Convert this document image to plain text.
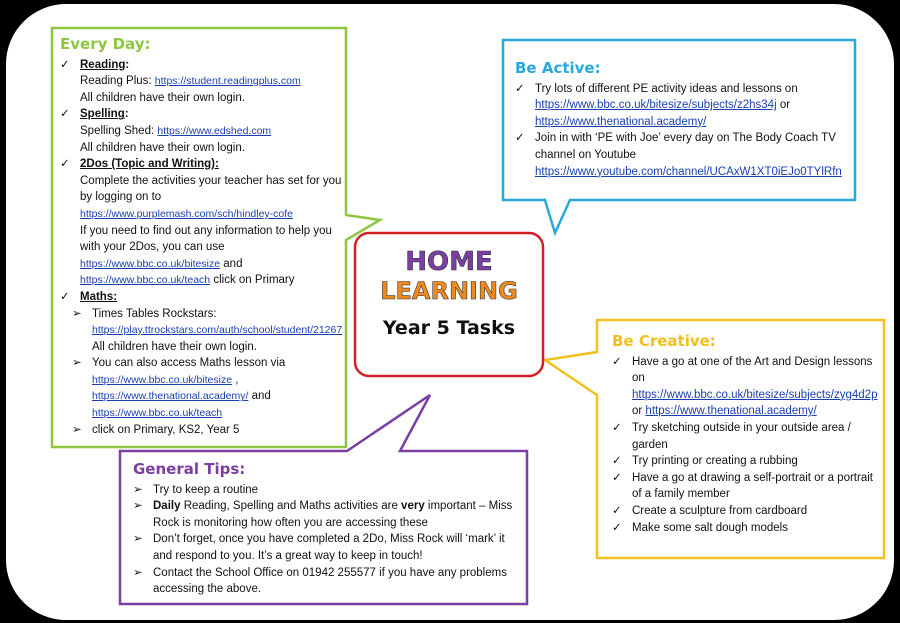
HOME
LEARNING
Year 5 Tasks
Every Day:
✓ Reading:
Reading Plus: https://student.readingplus.com
All children have their own login.
✓ Spelling:
Spelling Shed: https://www.edshed.com
All children have their own login.
✓ 2Dos (Topic and Writing):
Complete the activities your teacher has set for you by logging on to
https://www.purplemash.com/sch/hindley-cofe
If you need to find out any information to help you with your 2Dos, you can use
https://www.bbc.co.uk/bitesize and
https://www.bbc.co.uk/teach click on Primary
✓ Maths:
➢ Times Tables Rockstars:
https://play.ttrockstars.com/auth/school/student/21267 All children have their own login.
➢ You can also access Maths lesson via
https://www.bbc.co.uk/bitesize ,
https://www.thenational.academy/ and
https://www.bbc.co.uk/teach
➢ click on Primary, KS2, Year 5
Be Active:
✓ Try lots of different PE activity ideas and lessons on
https://www.bbc.co.uk/bitesize/subjects/z2hs34j or
https://www.thenational.academy/
✓ Join in with ‘PE with Joe’ every day on The Body Coach TV channel on Youtube
https://www.youtube.com/channel/UCAxW1XT0iEJo0TYlRfn
Be Creative:
✓ Have a go at one of the Art and Design lessons on
https://www.bbc.co.uk/bitesize/subjects/zyg4d2p or https://www.thenational.academy/
✓ Try sketching outside in your outside area / garden
✓ Try printing or creating a rubbing
✓ Have a go at drawing a self-portrait or a portrait of a family member
✓ Create a sculpture from cardboard
✓ Make some salt dough models
General Tips:
➢ Try to keep a routine
➢ Daily Reading, Spelling and Maths activities are very important – Miss Rock is monitoring how often you are accessing these
➢ Don’t forget, once you have completed a 2Do, Miss Rock will ‘mark’ it and respond to you. It’s a great way to keep in touch!
➢ Contact the School Office on 01942 255577 if you have any problems accessing the above.
